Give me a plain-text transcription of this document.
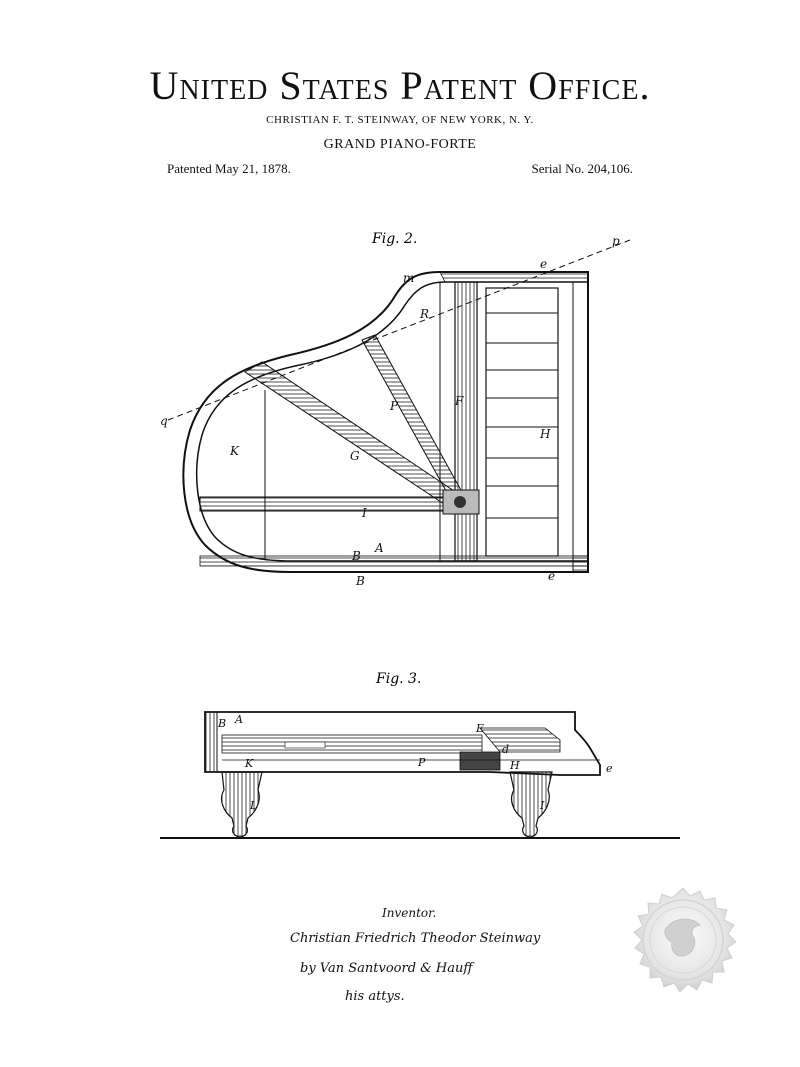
United States Patent Office.
CHRISTIAN F. T. STEINWAY, OF NEW YORK, N. Y.
GRAND PIANO-FORTE
Patented May 21, 1878.	Serial No. 204,106.
Fig. 2.	p
e
m
R
F
H
K	G
P
I
q
B
A
B	e
Fig. 3.
B A
E
d
K	H
P
L	I
e
Inventor.
Christian Friedrich Theodor Steinway
by Van Santvoord & Hauff
his attys.
